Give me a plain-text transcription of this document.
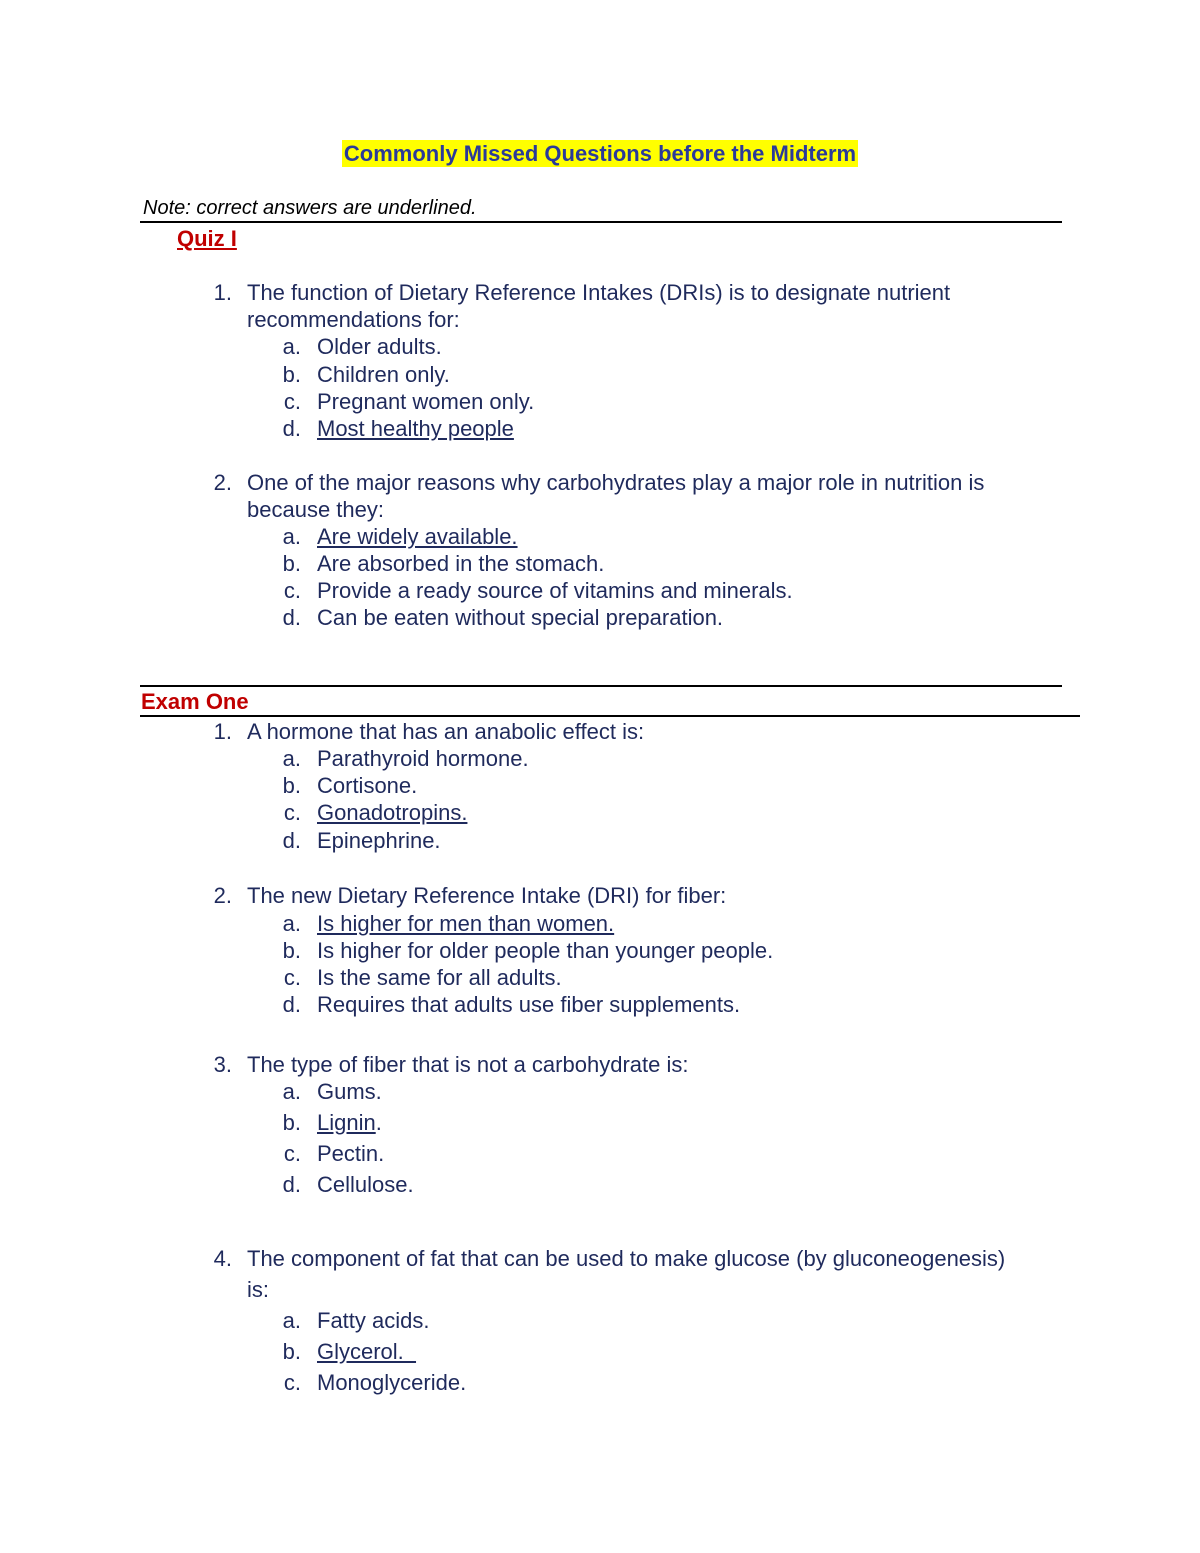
Commonly Missed Questions before the Midterm
Note: correct answers are underlined.
Quiz I
1. The function of Dietary Reference Intakes (DRIs) is to designate nutrient
recommendations for:
a. Older adults.
b. Children only.
c. Pregnant women only.
d. Most healthy people
2. One of the major reasons why carbohydrates play a major role in nutrition is
because they:
a. Are widely available.
b. Are absorbed in the stomach.
c. Provide a ready source of vitamins and minerals.
d. Can be eaten without special preparation.
Exam One
1. A hormone that has an anabolic effect is:
a. Parathyroid hormone.
b. Cortisone.
c. Gonadotropins.
d. Epinephrine.
2. The new Dietary Reference Intake (DRI) for fiber:
a. Is higher for men than women.
b. Is higher for older people than younger people.
c. Is the same for all adults.
d. Requires that adults use fiber supplements.
3. The type of fiber that is not a carbohydrate is:
a. Gums.
b. Lignin.
c. Pectin.
d. Cellulose.
4. The component of fat that can be used to make glucose (by gluconeogenesis)
is:
a. Fatty acids.
b. Glycerol.
c. Monoglyceride.
